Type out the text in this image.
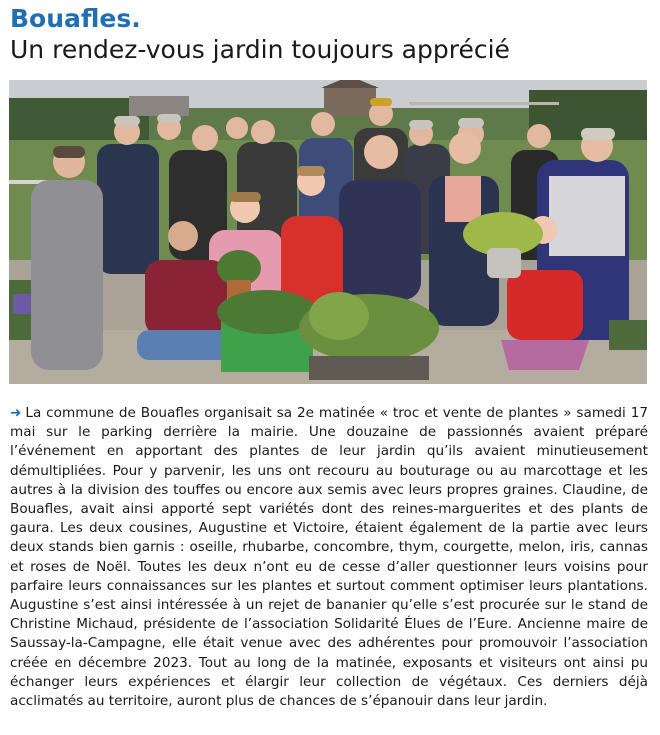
Bouafles.
Un rendez-vous jardin toujours apprécié

➜ La commune de Bouafles organisait sa 2e matinée « troc et vente de plantes » samedi 17 mai sur le parking derrière la mairie. Une douzaine de passionnés avaient préparé l’événement en apportant des plantes de leur jardin qu’ils avaient minutieusement démultipliées. Pour y parvenir, les uns ont recouru au bouturage ou au marcottage et les autres à la division des touffes ou encore aux semis avec leurs propres graines. Claudine, de Bouafles, avait ainsi apporté sept variétés dont des reines-marguerites et des plants de gaura. Les deux cousines, Augustine et Victoire, étaient également de la partie avec leurs deux stands bien garnis : oseille, rhubarbe, concombre, thym, courgette, melon, iris, cannas et roses de Noël. Toutes les deux n’ont eu de cesse d’aller questionner leurs voisins pour parfaire leurs connaissances sur les plantes et surtout comment optimiser leurs plantations. Augustine s’est ainsi intéressée à un rejet de bananier qu’elle s’est procurée sur le stand de Christine Michaud, présidente de l’association Solidarité Élues de l’Eure. Ancienne maire de Saussay-la-Campagne, elle était venue avec des adhérentes pour promouvoir l’association créée en décembre 2023. Tout au long de la matinée, exposants et visiteurs ont ainsi pu échanger leurs expériences et élargir leur collection de végétaux. Ces derniers déjà acclimatés au territoire, auront plus de chances de s’épanouir dans leur jardin.
